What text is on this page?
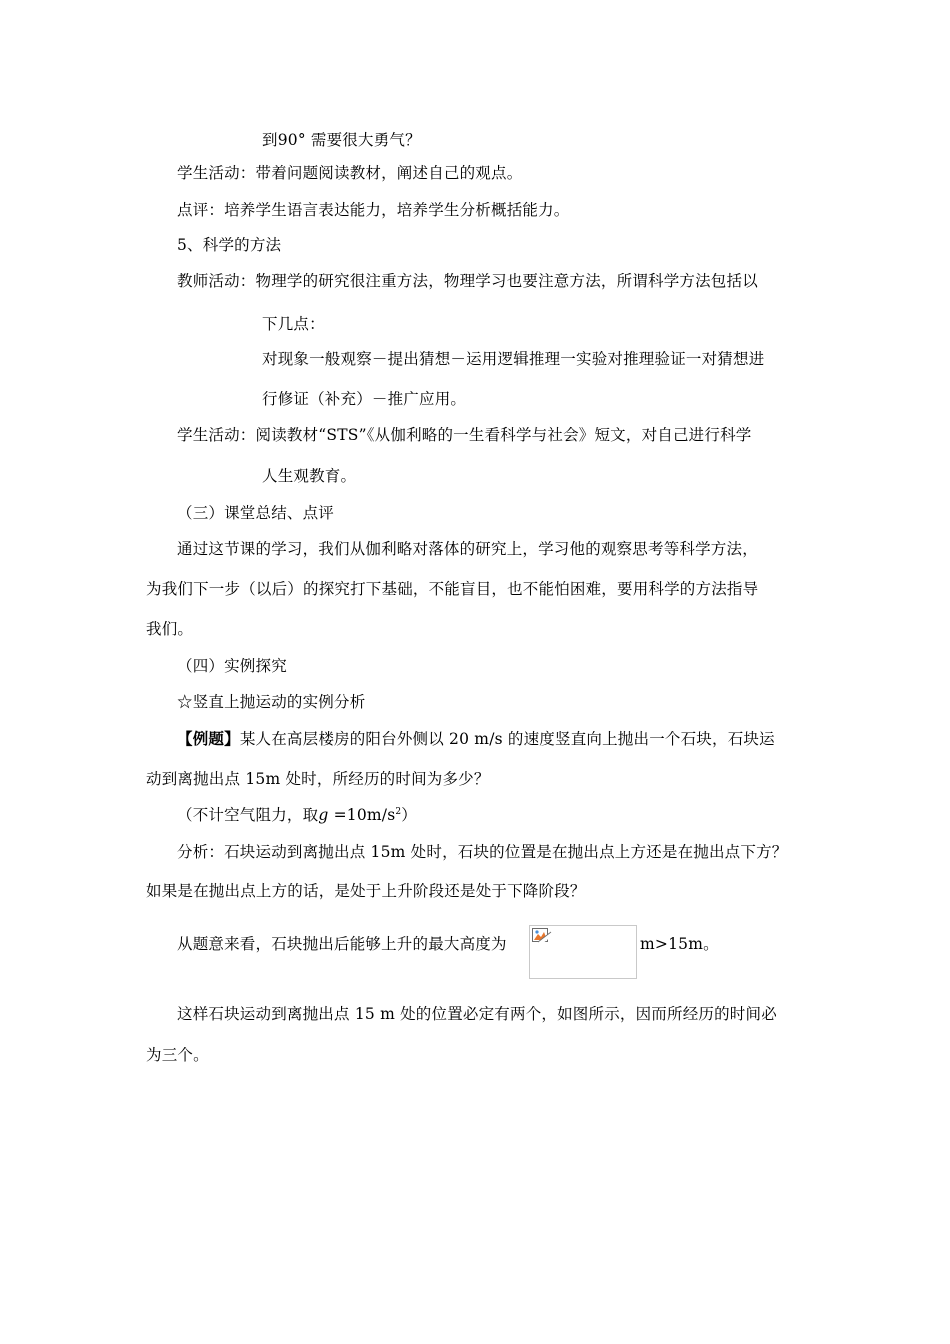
到90° 需要很大勇气？
学生活动：带着问题阅读教材，阐述自己的观点。
点评：培养学生语言表达能力，培养学生分析概括能力。
5、科学的方法
教师活动：物理学的研究很注重方法，物理学习也要注意方法，所谓科学方法包括以
下几点：
对现象一般观察－提出猜想－运用逻辑推理一实验对推理验证一对猜想进
行修证（补充）－推广应用。
学生活动：阅读教材“STS”《从伽利略的一生看科学与社会》短文，对自己进行科学
人生观教育。
（三）课堂总结、点评
通过这节课的学习，我们从伽利略对落体的研究上，学习他的观察思考等科学方法，
为我们下一步（以后）的探究打下基础，不能盲目，也不能怕困难，要用科学的方法指导
我们。
（四）实例探究
☆竖直上抛运动的实例分析
【例题】某人在高层楼房的阳台外侧以 20 m/s 的速度竖直向上抛出一个石块，石块运
动到离抛出点 15m 处时，所经历的时间为多少？
（不计空气阻力，取$g =10m/s^2$）
分析：石块运动到离抛出点 15m 处时，石块的位置是在抛出点上方还是在抛出点下方？
如果是在抛出点上方的话，是处于上升阶段还是处于下降阶段？
从题意来看，石块抛出后能够上升的最大高度为	m>15m。
这样石块运动到离抛出点 15 m 处的位置必定有两个，如图所示，因而所经历的时间必
为三个。
